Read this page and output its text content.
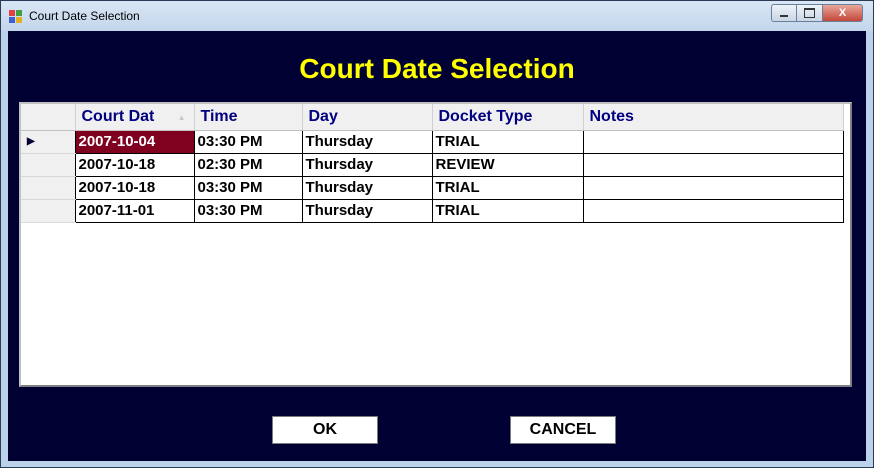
Court Date Selection	X
Court Date Selection
	Court Dat ▲	Time	Day	Docket Type	Notes
▶	2007-10-04	03:30 PM	Thursday	TRIAL	
	2007-10-18	02:30 PM	Thursday	REVIEW	
	2007-10-18	03:30 PM	Thursday	TRIAL	
	2007-11-01	03:30 PM	Thursday	TRIAL	
OK	CANCEL
